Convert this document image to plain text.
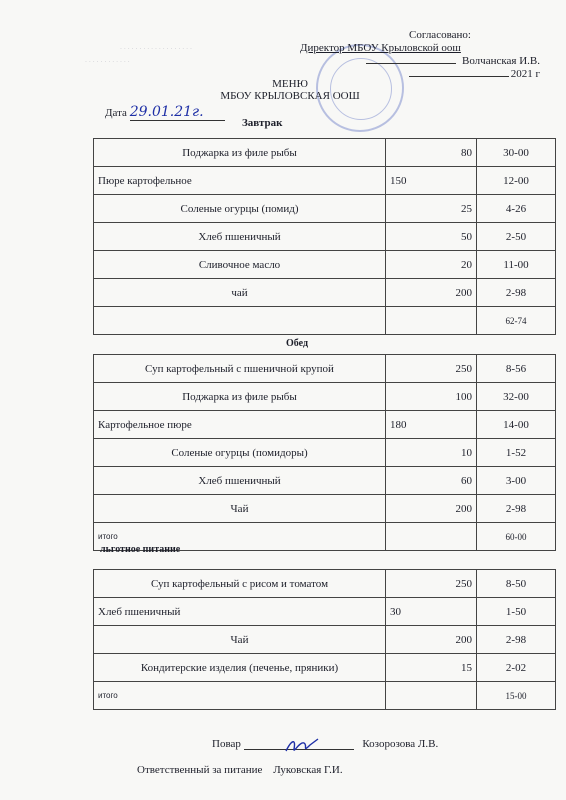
. . . . . . . . . . . . . . . . . . .
. . . . . . . . . . . .
Согласовано:
Директор МБОУ Крыловской оош
Волчанская И.В.
2021 г
МЕНЮ
МБОУ КРЫЛОВСКАЯ ООШ
Дата 29.01.21г.
Завтрак
Поджарка из филе рыбы	80	30-00
Пюре картофельное	150	12-00
Соленые огурцы (помид)	25	4-26
Хлеб пшеничный	50	2-50
Сливочное масло	20	11-00
чай	200	2-98
		62-74
Обед
Суп картофельный с пшеничной крупой	250	8-56
Поджарка из филе рыбы	100	32-00
Картофельное пюре	180	14-00
Соленые огурцы (помидоры)	10	1-52
Хлеб пшеничный	60	3-00
Чай	200	2-98
итого		60-00
льготное питание
Суп картофельный с рисом и томатом	250	8-50
Хлеб пшеничный	30	1-50
Чай	200	2-98
Кондитерские изделия (печенье, пряники)	15	2-02
итого		15-00
Повар	Козорозова Л.В.
Ответственный за питание Луковская Г.И.
